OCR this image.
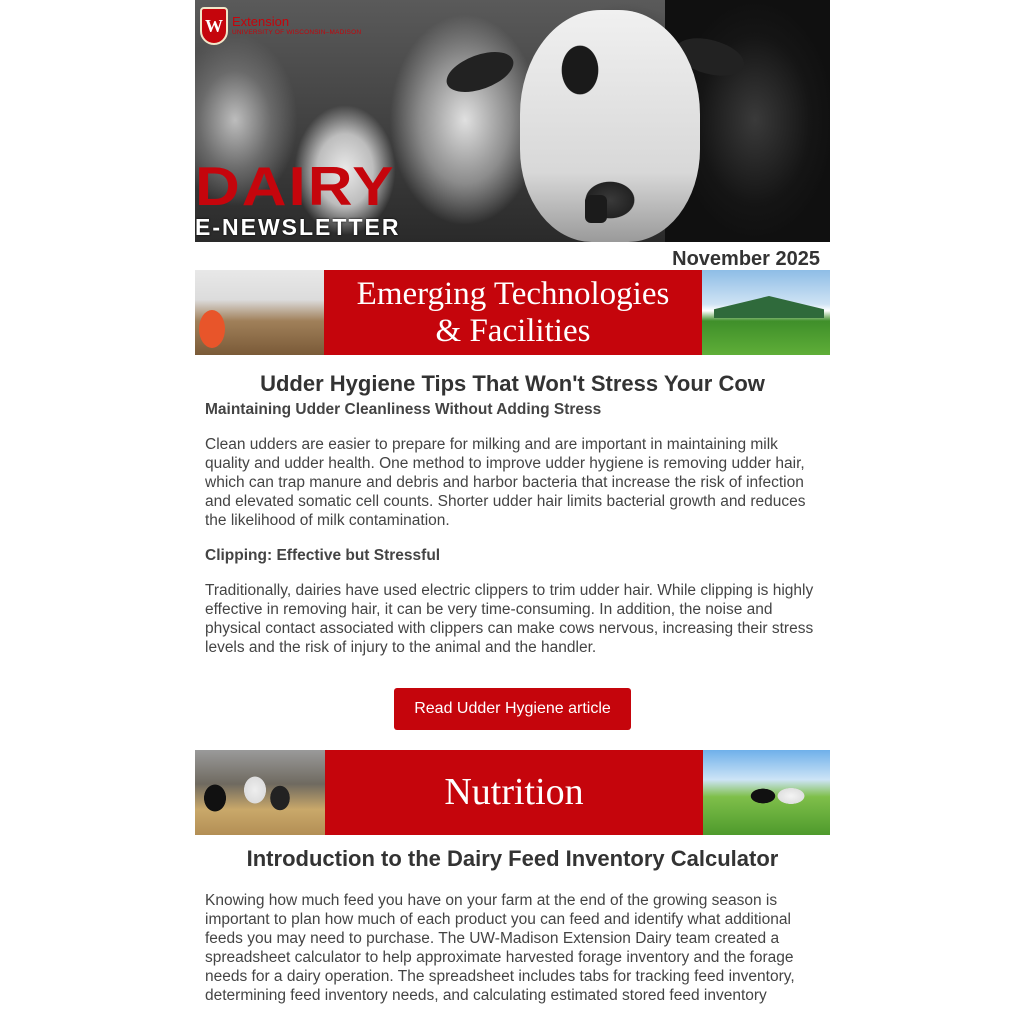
W Extension
UNIVERSITY OF WISCONSIN–MADISON
DAIRY
E-NEWSLETTER
November 2025
Emerging Technologies
& Facilities
Udder Hygiene Tips That Won't Stress Your Cow

Maintaining Udder Cleanliness Without Adding Stress

Clean udders are easier to prepare for milking and are important in maintaining milk quality and udder health. One method to improve udder hygiene is removing udder hair, which can trap manure and debris and harbor bacteria that increase the risk of infection and elevated somatic cell counts. Shorter udder hair limits bacterial growth and reduces the likelihood of milk contamination.

Clipping: Effective but Stressful

Traditionally, dairies have used electric clippers to trim udder hair. While clipping is highly effective in removing hair, it can be very time-consuming. In addition, the noise and physical contact associated with clippers can make cows nervous, increasing their stress levels and the risk of injury to the animal and the handler.

Read Udder Hygiene article
Nutrition
Introduction to the Dairy Feed Inventory Calculator

Knowing how much feed you have on your farm at the end of the growing season is important to plan how much of each product you can feed and identify what additional feeds you may need to purchase. The UW-Madison Extension Dairy team created a spreadsheet calculator to help approximate harvested forage inventory and the forage needs for a dairy operation. The spreadsheet includes tabs for tracking feed inventory, determining feed inventory needs, and calculating estimated stored feed inventory
